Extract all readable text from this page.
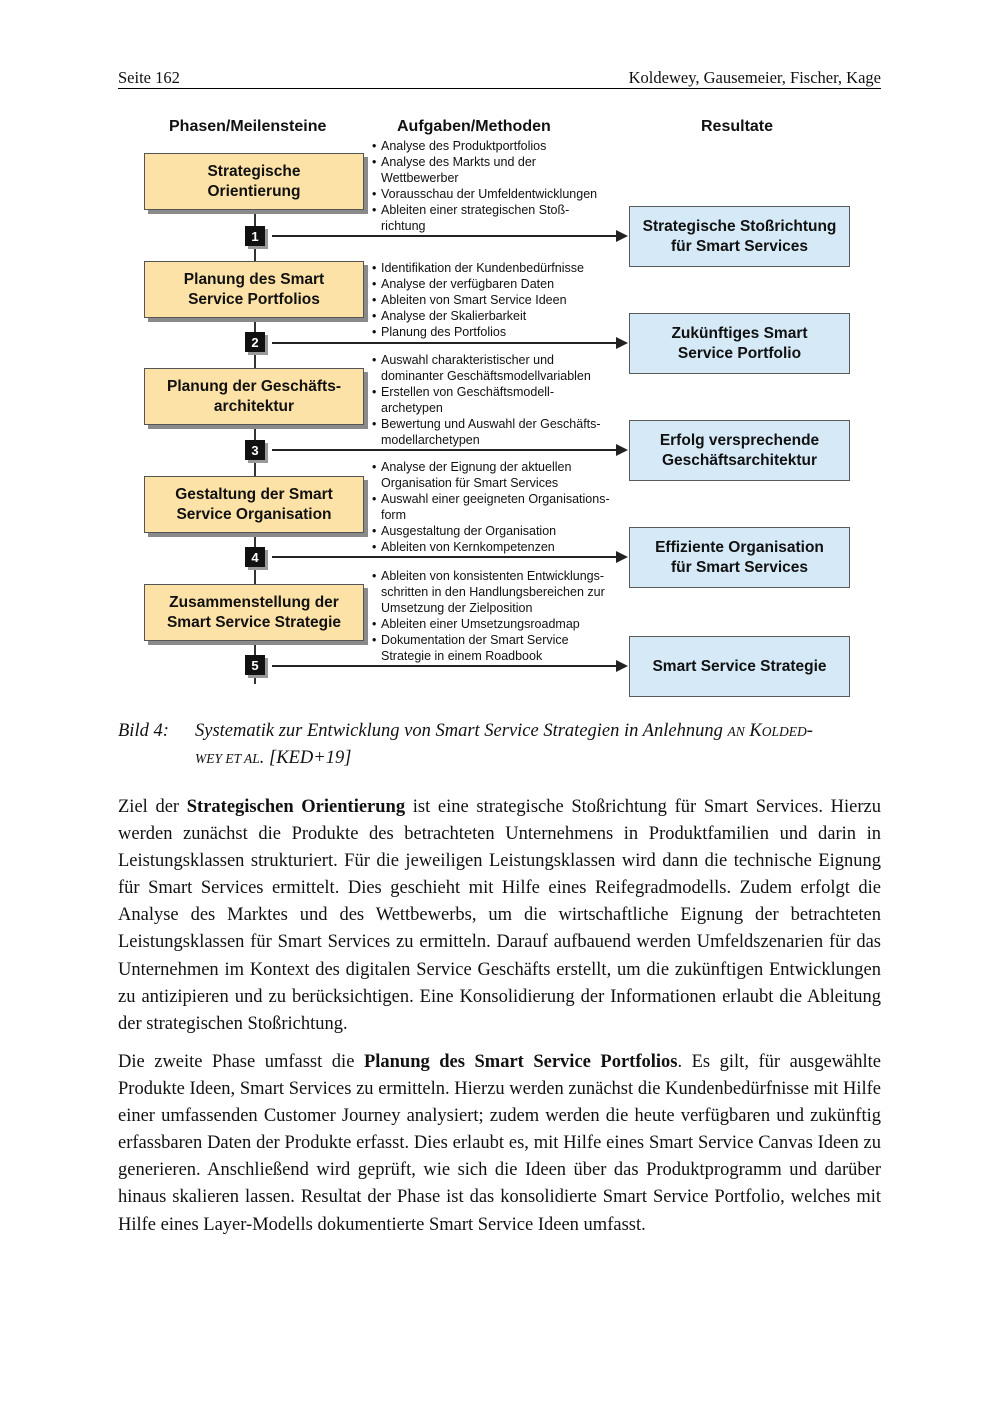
Seite 162	Koldewey, Gausemeier, Fischer, Kage
Phasen/Meilensteine	Aufgaben/Methoden	Resultate
Strategische
Orientierung
1
• Analyse des Produktportfolios
• Analyse des Markts und der
Wettbewerber
• Vorausschau der Umfeldentwicklungen
• Ableiten einer strategischen Stoß-
richtung	Strategische Stoßrichtung
für Smart Services
Planung des Smart
Service Portfolios
2
• Identifikation der Kundenbedürfnisse
• Analyse der verfügbaren Daten
• Ableiten von Smart Service Ideen
• Analyse der Skalierbarkeit
• Planung des Portfolios	Zukünftiges Smart
Service Portfolio
Planung der Geschäfts-
architektur
3
• Auswahl charakteristischer und
dominanter Geschäftsmodellvariablen
• Erstellen von Geschäftsmodell-
archetypen
• Bewertung und Auswahl der Geschäfts-
modellarchetypen	Erfolg versprechende
Geschäftsarchitektur
Gestaltung der Smart
Service Organisation
4
• Analyse der Eignung der aktuellen
Organisation für Smart Services
• Auswahl einer geeigneten Organisations-
form
• Ausgestaltung der Organisation
• Ableiten von Kernkompetenzen	Effiziente Organisation
für Smart Services
Zusammenstellung der
Smart Service Strategie
5
• Ableiten von konsistenten Entwicklungs-
schritten in den Handlungsbereichen zur
Umsetzung der Zielposition
• Ableiten einer Umsetzungsroadmap
• Dokumentation der Smart Service
Strategie in einem Roadbook
Smart Service Strategie
Bild 4: Systematik zur Entwicklung von Smart Service Strategien in Anlehnung AN KOLDED-
WEY ET AL. [KED+19]

Ziel der Strategischen Orientierung ist eine strategische Stoßrichtung für Smart Services. Hierzu werden zunächst die Produkte des betrachteten Unternehmens in Produktfamilien und darin in Leistungsklassen strukturiert. Für die jeweiligen Leistungsklassen wird dann die technische Eignung für Smart Services ermittelt. Dies geschieht mit Hilfe eines Reifegradmodells. Zudem erfolgt die Analyse des Marktes und des Wettbewerbs, um die wirtschaftliche Eignung der betrachteten Leistungsklassen für Smart Services zu ermitteln. Darauf aufbauend werden Umfeldszenarien für das Unternehmen im Kontext des digitalen Service Geschäfts erstellt, um die zukünftigen Entwicklungen zu antizipieren und zu berücksichtigen. Eine Konsolidierung der Informationen erlaubt die Ableitung der strategischen Stoßrichtung.

Die zweite Phase umfasst die Planung des Smart Service Portfolios. Es gilt, für ausgewählte Produkte Ideen, Smart Services zu ermitteln. Hierzu werden zunächst die Kundenbedürfnisse mit Hilfe einer umfassenden Customer Journey analysiert; zudem werden die heute verfügbaren und zukünftig erfassbaren Daten der Produkte erfasst. Dies erlaubt es, mit Hilfe eines Smart Service Canvas Ideen zu generieren. Anschließend wird geprüft, wie sich die Ideen über das Produktprogramm und darüber hinaus skalieren lassen. Resultat der Phase ist das konsolidierte Smart Service Portfolio, welches mit Hilfe eines Layer-Modells dokumentierte Smart Service Ideen umfasst.
